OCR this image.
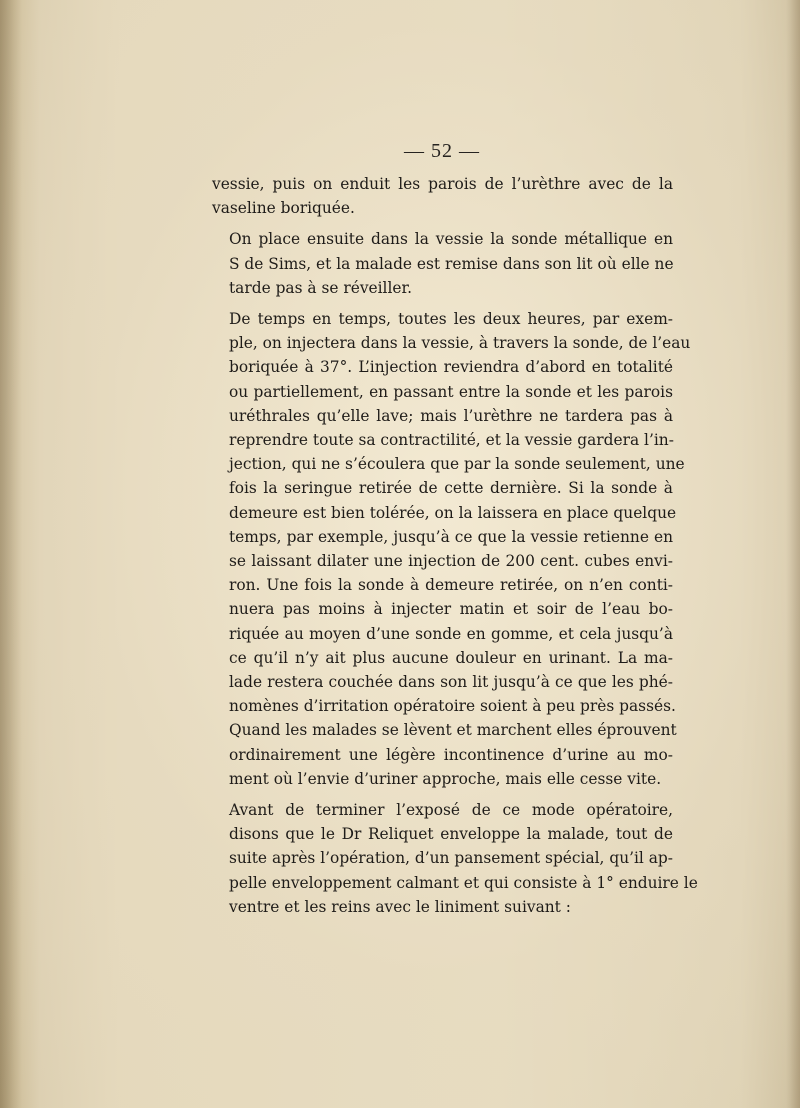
— 52 —

vessie, puis on enduit les parois de l’urèthre avec de la
vaseline boriquée.

On place ensuite dans la vessie la sonde métallique en
S de Sims, et la malade est remise dans son lit où elle ne
tarde pas à se réveiller.

De temps en temps, toutes les deux heures, par exem-
ple, on injectera dans la vessie, à travers la sonde, de l’eau
boriquée à 37°. L’injection reviendra d’abord en totalité
ou partiellement, en passant entre la sonde et les parois
uréthrales qu’elle lave; mais l’urèthre ne tardera pas à
reprendre toute sa contractilité, et la vessie gardera l’in-
jection, qui ne s’écoulera que par la sonde seulement, une
fois la seringue retirée de cette dernière. Si la sonde à
demeure est bien tolérée, on la laissera en place quelque
temps, par exemple, jusqu’à ce que la vessie retienne en
se laissant dilater une injection de 200 cent. cubes envi-
ron. Une fois la sonde à demeure retirée, on n’en conti-
nuera pas moins à injecter matin et soir de l’eau bo-
riquée au moyen d’une sonde en gomme, et cela jusqu’à
ce qu’il n’y ait plus aucune douleur en urinant. La ma-
lade restera couchée dans son lit jusqu’à ce que les phé-
nomènes d’irritation opératoire soient à peu près passés.
Quand les malades se lèvent et marchent elles éprouvent
ordinairement une légère incontinence d’urine au mo-
ment où l’envie d’uriner approche, mais elle cesse vite.

Avant de terminer l’exposé de ce mode opératoire,
disons que le Dr Reliquet enveloppe la malade, tout de
suite après l’opération, d’un pansement spécial, qu’il ap-
pelle enveloppement calmant et qui consiste à 1° enduire le
ventre et les reins avec le liniment suivant :
